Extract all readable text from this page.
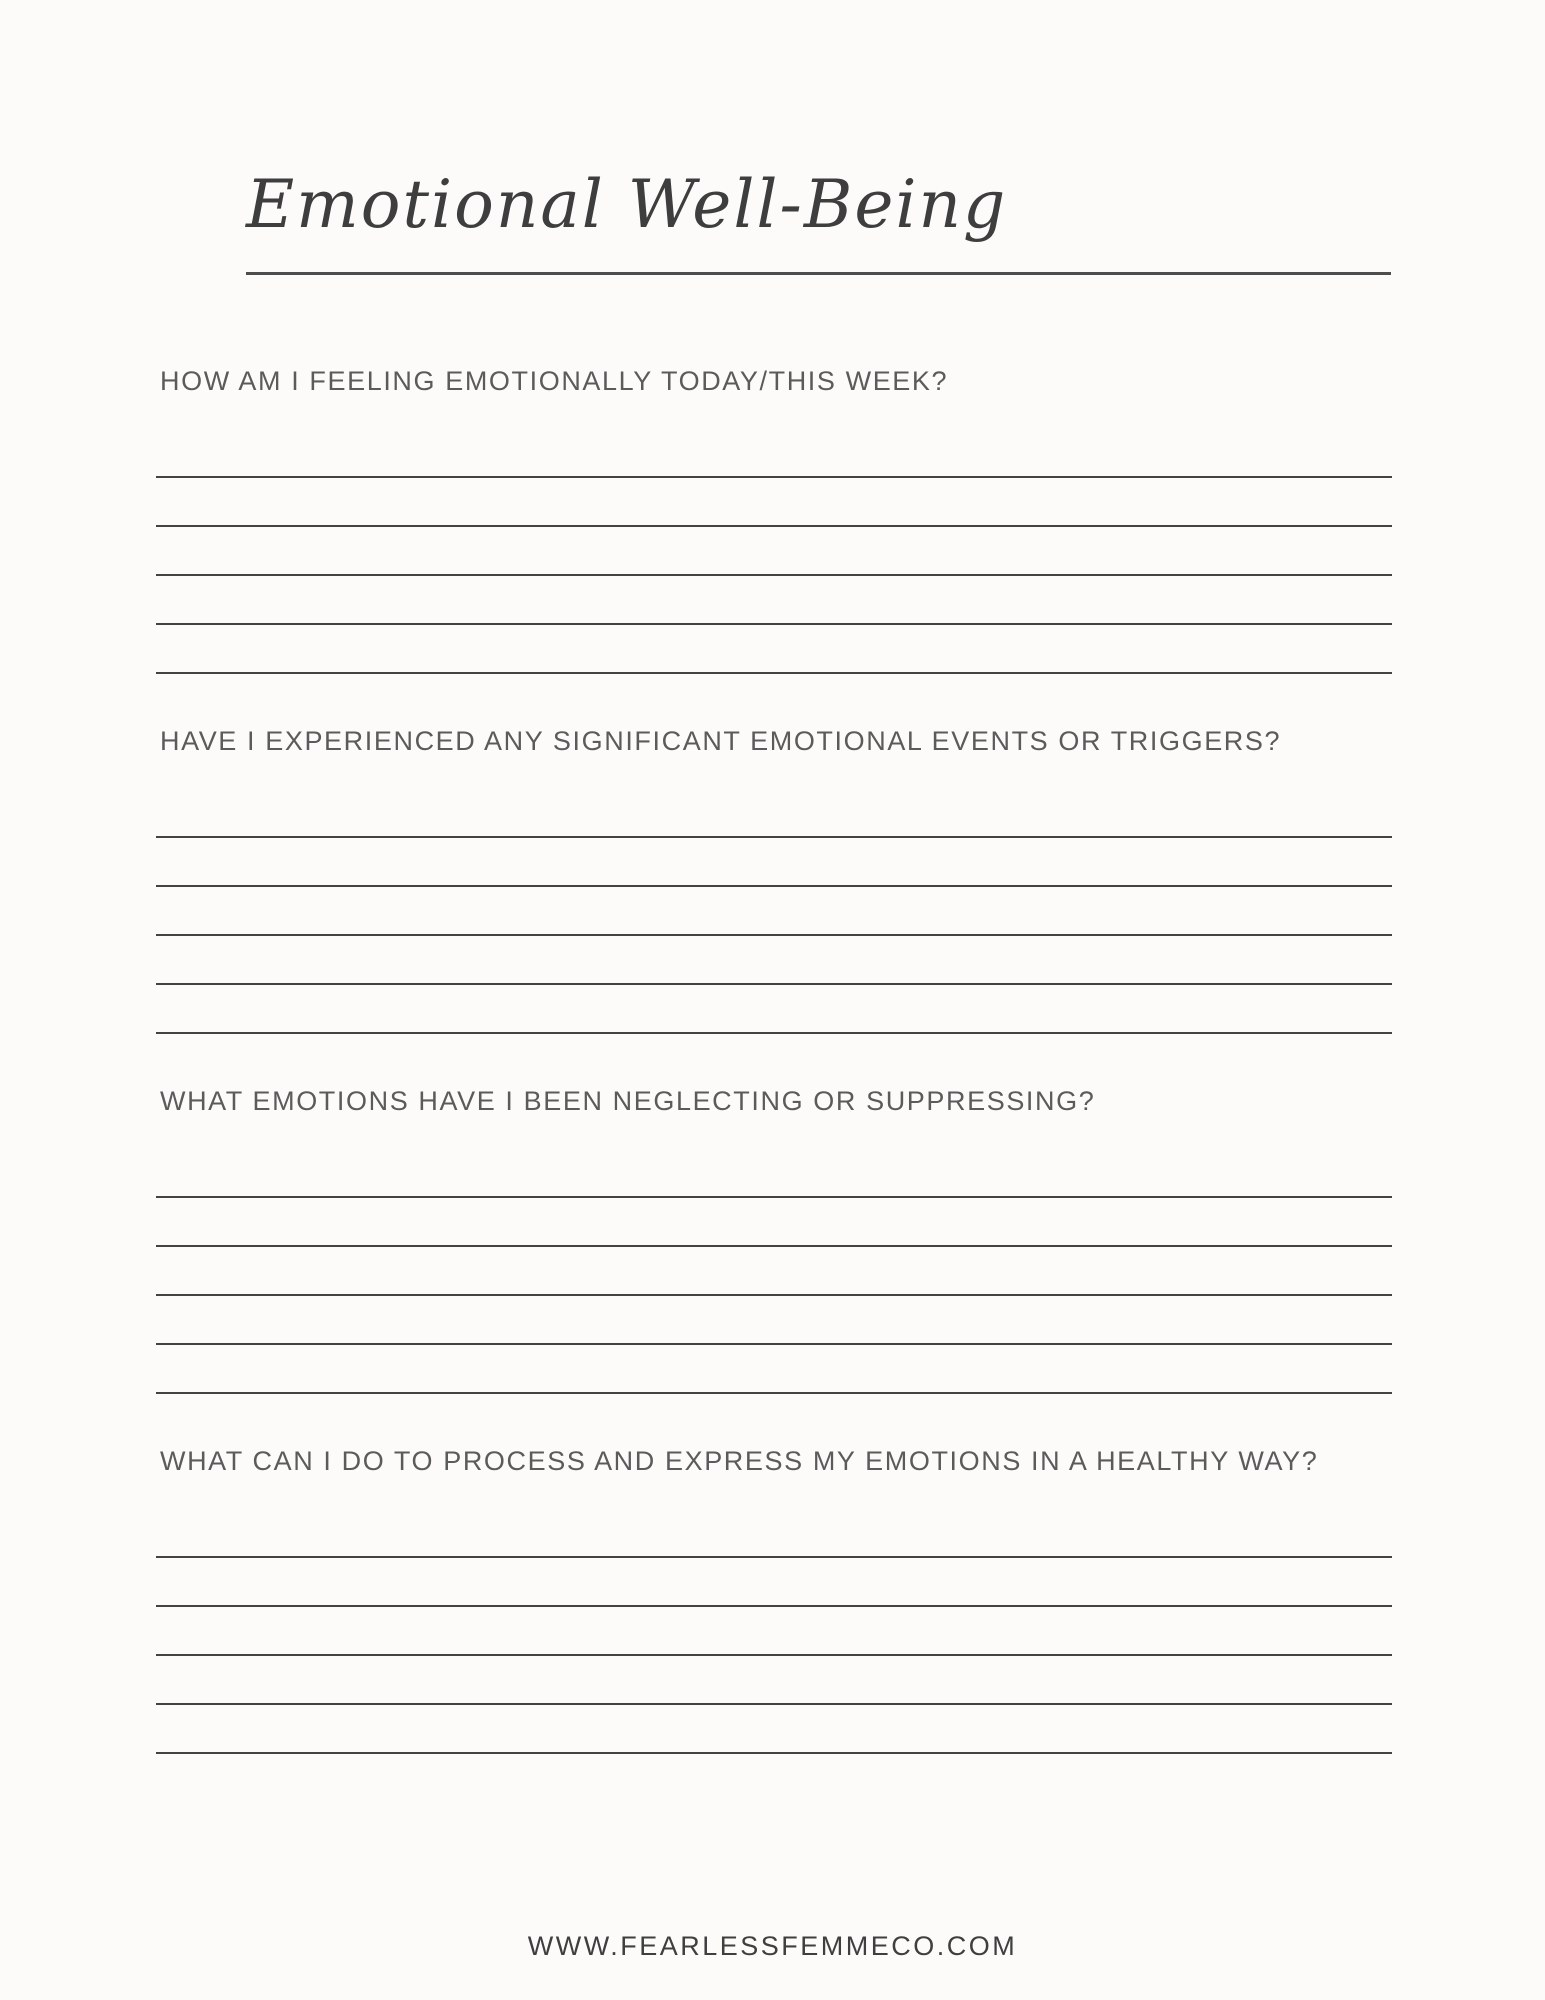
Emotional Well-Being
HOW AM I FEELING EMOTIONALLY TODAY/THIS WEEK?
HAVE I EXPERIENCED ANY SIGNIFICANT EMOTIONAL EVENTS OR TRIGGERS?
WHAT EMOTIONS HAVE I BEEN NEGLECTING OR SUPPRESSING?
WHAT CAN I DO TO PROCESS AND EXPRESS MY EMOTIONS IN A HEALTHY WAY?
WWW.FEARLESSFEMMECO.COM
